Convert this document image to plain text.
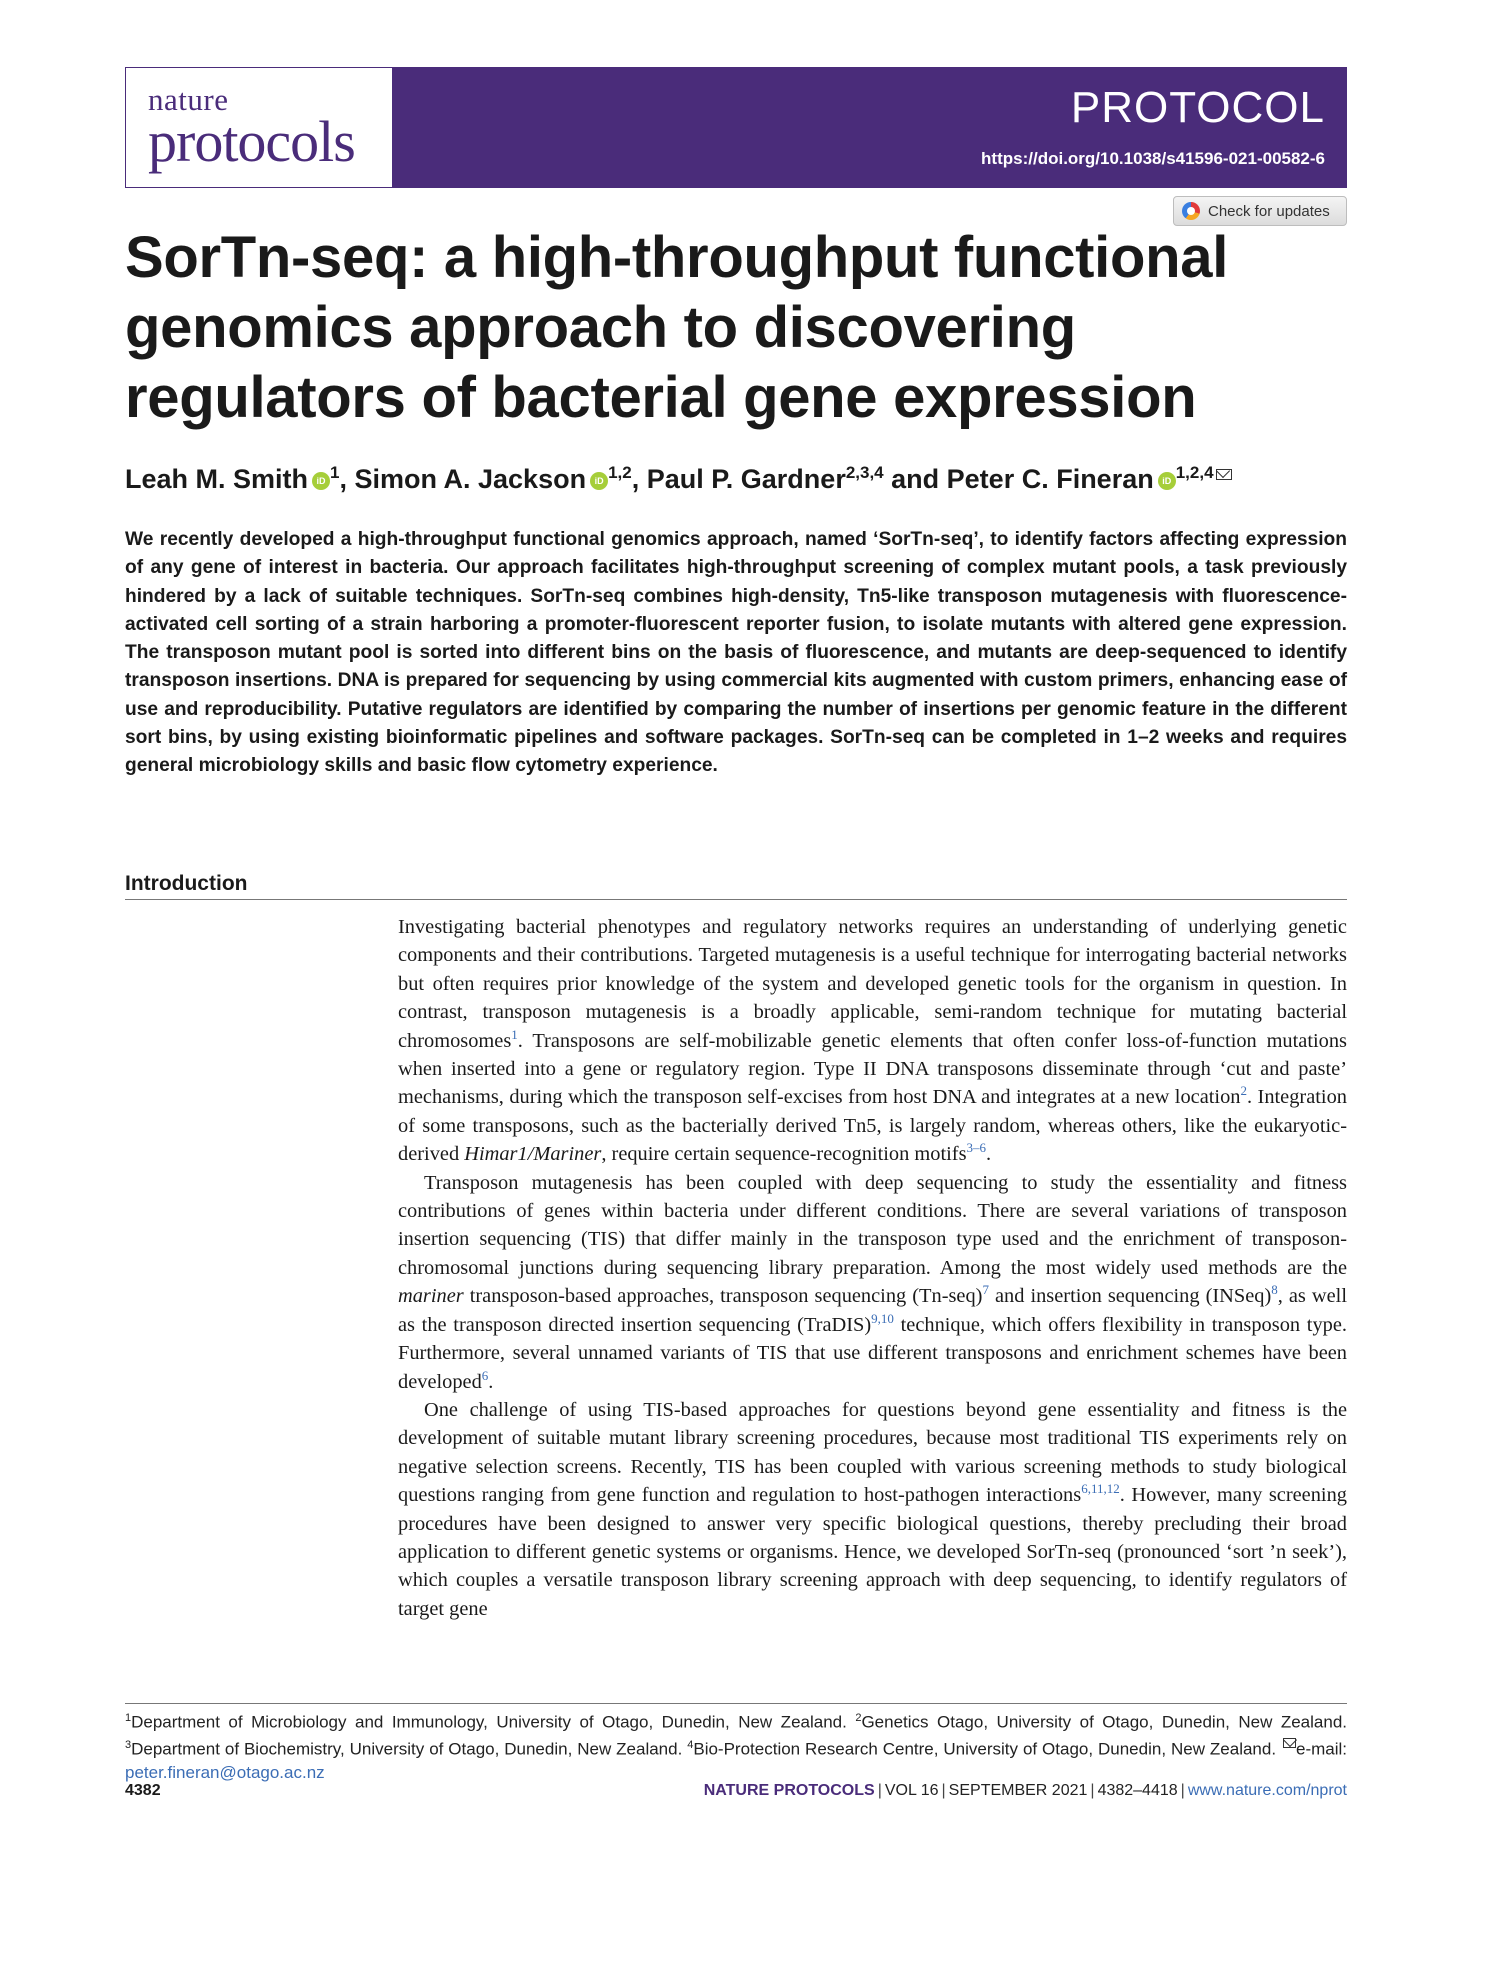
nature
protocols
PROTOCOL
https://doi.org/10.1038/s41596-021-00582-6
Check for updates
SorTn-seq: a high-throughput functional genomics approach to discovering regulators of bacterial gene expression
Leah M. Smith iD $^1$, Simon A. Jackson iD $^{1,2}$, Paul P. Gardner$^{2,3,4}$ and Peter C. Fineran iD $^{1,2,4}$

We recently developed a high-throughput functional genomics approach, named ‘SorTn-seq’, to identify factors affecting expression of any gene of interest in bacteria. Our approach facilitates high-throughput screening of complex mutant pools, a task previously hindered by a lack of suitable techniques. SorTn-seq combines high-density, Tn5-like transposon mutagenesis with fluorescence-activated cell sorting of a strain harboring a promoter-fluorescent reporter fusion, to isolate mutants with altered gene expression. The transposon mutant pool is sorted into different bins on the basis of fluorescence, and mutants are deep-sequenced to identify transposon insertions. DNA is prepared for sequencing by using commercial kits augmented with custom primers, enhancing ease of use and reproducibility. Putative regulators are identified by comparing the number of insertions per genomic feature in the different sort bins, by using existing bioinformatic pipelines and software packages. SorTn-seq can be completed in 1–2 weeks and requires general microbiology skills and basic flow cytometry experience.

Introduction

Investigating bacterial phenotypes and regulatory networks requires an understanding of underlying genetic components and their contributions. Targeted mutagenesis is a useful technique for interrogating bacterial networks but often requires prior knowledge of the system and developed genetic tools for the organism in question. In contrast, transposon mutagenesis is a broadly applicable, semi-random technique for mutating bacterial chromosomes$^1$. Transposons are self-mobilizable genetic elements that often confer loss-of-function mutations when inserted into a gene or regulatory region. Type II DNA transposons disseminate through ‘cut and paste’ mechanisms, during which the transposon self-excises from host DNA and integrates at a new location$^2$. Integration of some transposons, such as the bacterially derived Tn5, is largely random, whereas others, like the eukaryotic-derived Himar1/Mariner, require certain sequence-recognition motifs$^{3-6}$.

Transposon mutagenesis has been coupled with deep sequencing to study the essentiality and fitness contributions of genes within bacteria under different conditions. There are several variations of transposon insertion sequencing (TIS) that differ mainly in the transposon type used and the enrichment of transposon-chromosomal junctions during sequencing library preparation. Among the most widely used methods are the mariner transposon-based approaches, transposon sequencing (Tn-seq)$^7$ and insertion sequencing (INSeq)$^8$, as well as the transposon directed insertion sequencing (TraDIS)$^{9,10}$ technique, which offers flexibility in transposon type. Furthermore, several unnamed variants of TIS that use different transposons and enrichment schemes have been developed$^6$.

One challenge of using TIS-based approaches for questions beyond gene essentiality and fitness is the development of suitable mutant library screening procedures, because most traditional TIS experiments rely on negative selection screens. Recently, TIS has been coupled with various screening methods to study biological questions ranging from gene function and regulation to host-pathogen interactions$^{6,11,12}$. However, many screening procedures have been designed to answer very specific biological questions, thereby precluding their broad application to different genetic systems or organisms. Hence, we developed SorTn-seq (pronounced ‘sort ’n seek’), which couples a versatile transposon library screening approach with deep sequencing, to identify regulators of target gene

$^1$Department of Microbiology and Immunology, University of Otago, Dunedin, New Zealand. $^2$Genetics Otago, University of Otago, Dunedin, New Zealand. $^3$Department of Biochemistry, University of Otago, Dunedin, New Zealand. $^4$Bio-Protection Research Centre, University of Otago, Dunedin, New Zealand. e-mail: peter.fineran@otago.ac.nz
4382	NATURE PROTOCOLS | VOL 16 | SEPTEMBER 2021 | 4382–4418 | www.nature.com/nprot
